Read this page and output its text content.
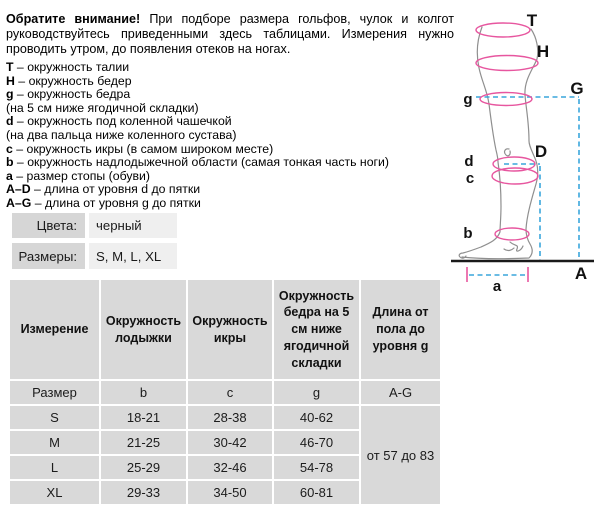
Обратите внимание! При подборе размера гольфов, чулок и колгот
руководствуйтесь приведенными здесь таблицами. Измерения нужно
проводить утром, до появления отеков на ногах.
T – окружность талии
H – окружность бедер
g – окружность бедра
(на 5 см ниже ягодичной складки)
d – окружность под коленной чашечкой
(на два пальца ниже коленного сустава)
c – окружность икры (в самом широком месте)
b – окружность надлодыжечной области (самая тонкая часть ноги)
a – размер стопы (обуви)
A–D – длина от уровня d до пятки
A–G – длина от уровня g до пятки
Цвета:	черный
Размеры:	S, M, L, XL
Измерение	Окружность лодыжки	Окружность икры	Окружность бедра на 5 см ниже ягодичной складки	Длина от пола до уровня g
Размер	b	c	g	A-G
S	18-21	28-38	40-62	от 57 до 83
M	21-25	30-42	46-70	
L	25-29	32-46	54-78	
XL	29-33	34-50	60-81	
T
H
G
g
D
d
c
b
a
A
